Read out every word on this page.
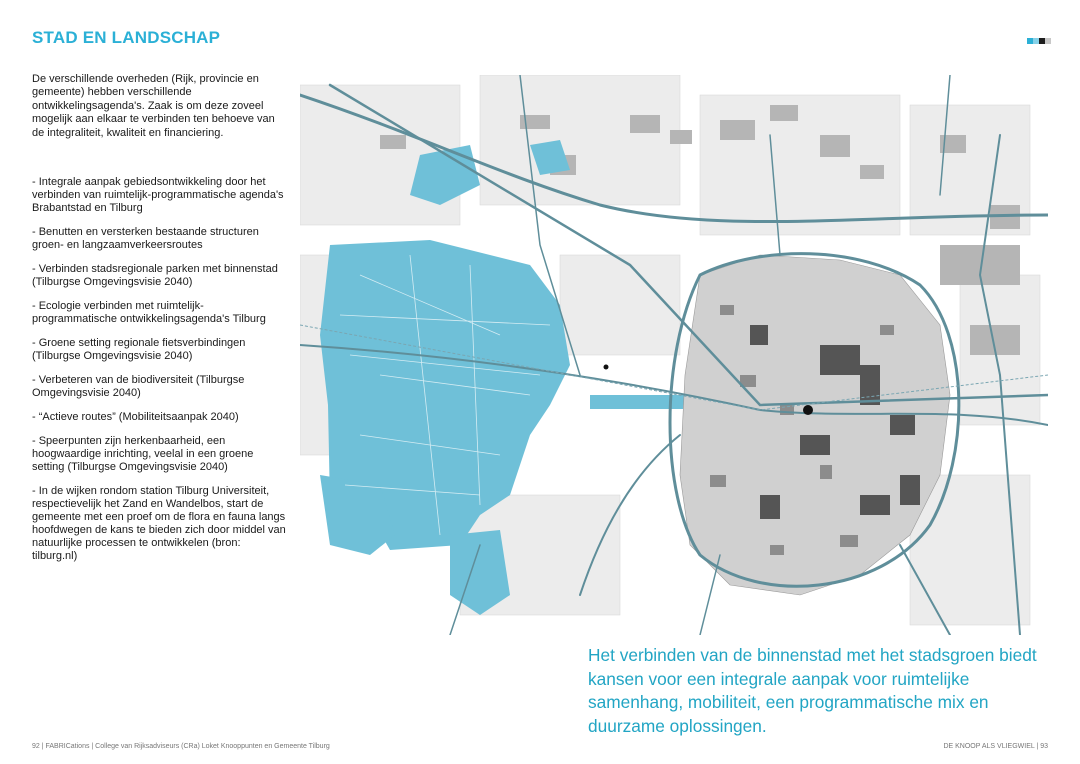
STAD EN LANDSCHAP

De verschillende overheden (Rijk, provincie en gemeente) hebben verschillende ontwikkelingsagenda's. Zaak is om deze zoveel mogelijk aan elkaar te verbinden ten behoeve van de integraliteit, kwaliteit en financiering.

- Integrale aanpak gebiedsontwikkeling door het verbinden van ruimtelijk-programmatische agenda's Brabantstad en Tilburg
- Benutten en versterken bestaande structuren groen- en langzaamverkeersroutes
- Verbinden stadsregionale parken met binnenstad (Tilburgse Omgevingsvisie 2040)
- Ecologie verbinden met ruimtelijk-programmatische ontwikkelingsagenda's Tilburg
- Groene setting regionale fietsverbindingen (Tilburgse Omgevingsvisie 2040)
- Verbeteren van de biodiversiteit (Tilburgse Omgevingsvisie 2040)
- “Actieve routes” (Mobiliteitsaanpak 2040)
- Speerpunten zijn herkenbaarheid, een hoogwaardige inrichting, veelal in een groene setting (Tilburgse Omgevingsvisie 2040)
- In de wijken rondom station Tilburg Universiteit, respectievelijk het Zand en Wandelbos, start de gemeente met een proef om de flora en fauna langs hoofdwegen de kans te bieden zich door middel van natuurlijke processen te ontwikkelen (bron: tilburg.nl)

Het verbinden van de binnenstad met het stadsgroen biedt kansen voor een integrale aanpak voor ruimtelijke samenhang, mobiliteit, een programmatische mix en duurzame oplossingen.

92 | FABRICations | College van Rijksadviseurs (CRa) Loket Knooppunten en Gemeente Tilburg	DE KNOOP ALS VLIEGWIEL | 93
